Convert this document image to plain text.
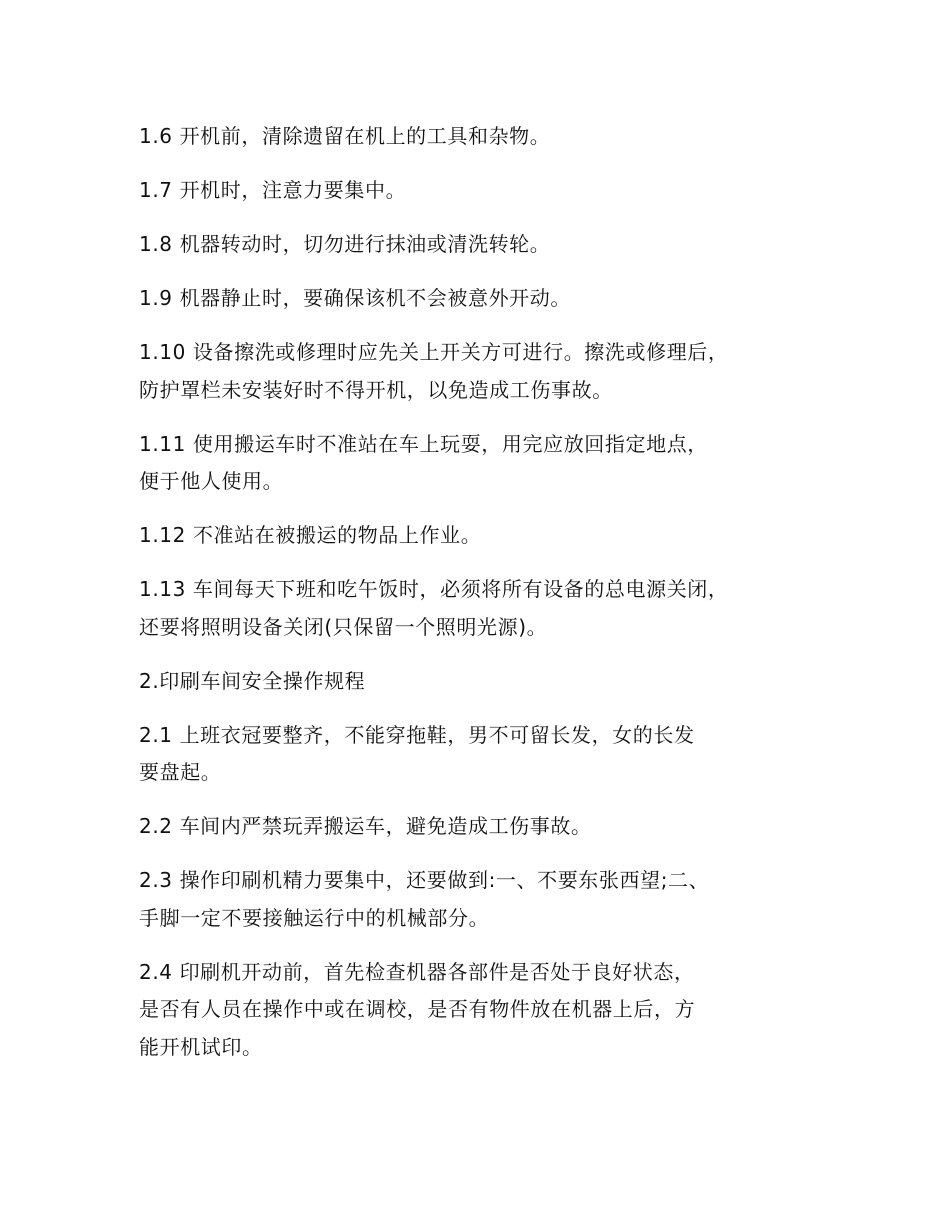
1.6 开机前，清除遗留在机上的工具和杂物。

1.7 开机时，注意力要集中。

1.8 机器转动时，切勿进行抹油或清洗转轮。

1.9 机器静止时，要确保该机不会被意外开动。

1.10 设备擦洗或修理时应先关上开关方可进行。擦洗或修理后，
防护罩栏未安装好时不得开机，以免造成工伤事故。

1.11 使用搬运车时不准站在车上玩耍，用完应放回指定地点，
便于他人使用。

1.12 不准站在被搬运的物品上作业。

1.13 车间每天下班和吃午饭时，必须将所有设备的总电源关闭，
还要将照明设备关闭(只保留一个照明光源)。

2.印刷车间安全操作规程

2.1 上班衣冠要整齐，不能穿拖鞋，男不可留长发，女的长发
要盘起。

2.2 车间内严禁玩弄搬运车，避免造成工伤事故。

2.3 操作印刷机精力要集中，还要做到:一、不要东张西望;二、
手脚一定不要接触运行中的机械部分。

2.4 印刷机开动前，首先检查机器各部件是否处于良好状态，
是否有人员在操作中或在调校，是否有物件放在机器上后，方
能开机试印。
